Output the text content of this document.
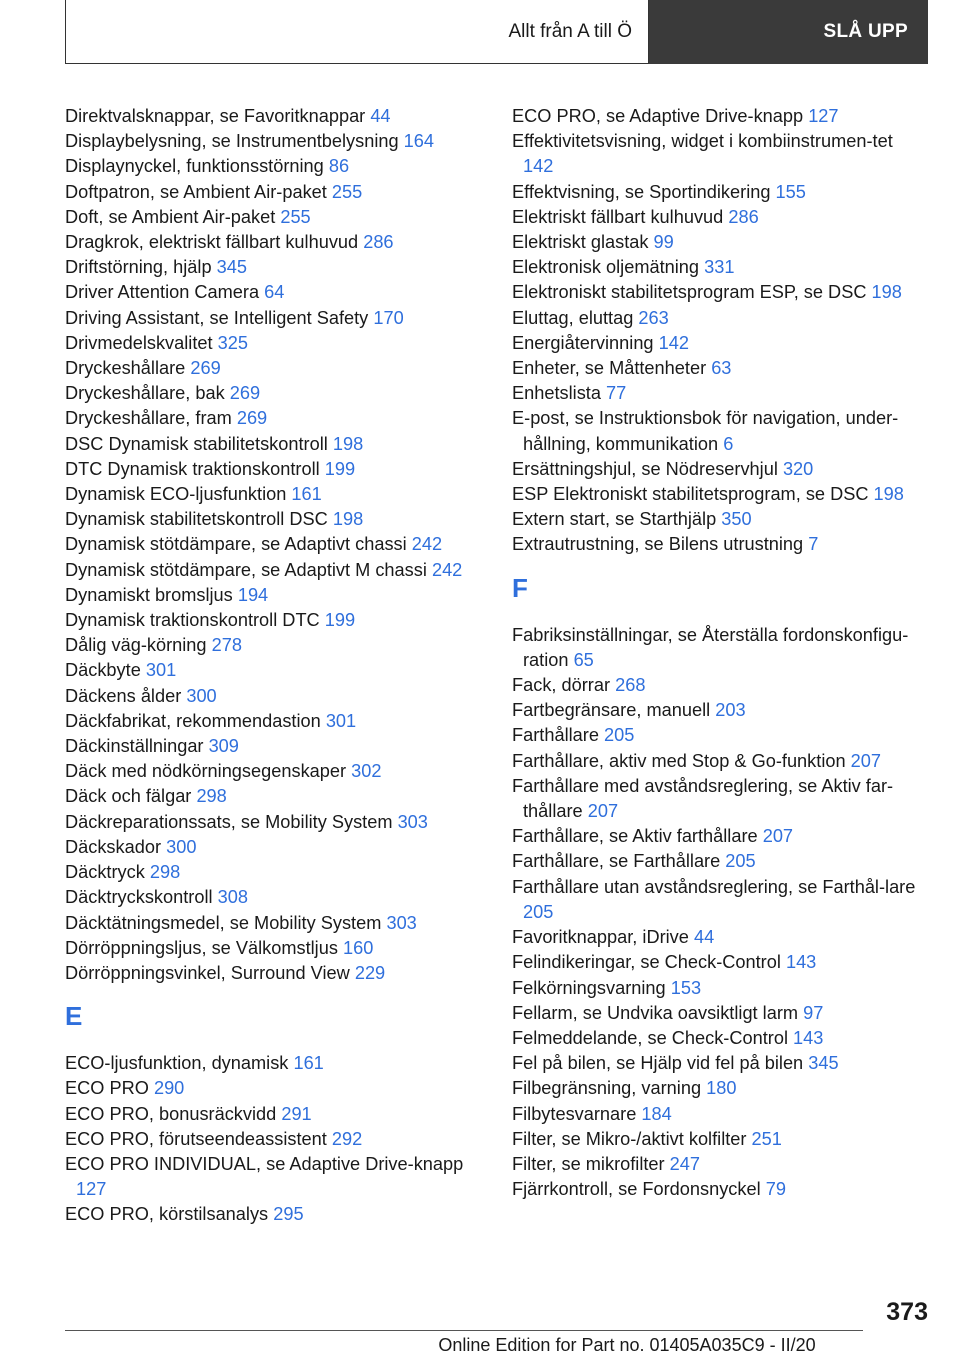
Allt från A till Ö	SLÅ UPP

Direktvalsknappar, se Favoritknappar 44

Displaybelysning, se Instrumentbelysning 164

Displaynyckel, funktionsstörning 86

Doftpatron, se Ambient Air-paket 255

Doft, se Ambient Air-paket 255

Dragkrok, elektriskt fällbart kulhuvud 286

Driftstörning, hjälp 345

Driver Attention Camera 64

Driving Assistant, se Intelligent Safety 170

Drivmedelskvalitet 325

Dryckeshållare 269

Dryckeshållare, bak 269

Dryckeshållare, fram 269

DSC Dynamisk stabilitetskontroll 198

DTC Dynamisk traktionskontroll 199

Dynamisk ECO-ljusfunktion 161

Dynamisk stabilitetskontroll DSC 198

Dynamisk stötdämpare, se Adaptivt chassi 242

Dynamisk stötdämpare, se Adaptivt M chassi 242

Dynamiskt bromsljus 194

Dynamisk traktionskontroll DTC 199

Dålig väg-körning 278

Däckbyte 301

Däckens ålder 300

Däckfabrikat, rekommendastion 301

Däckinställningar 309

Däck med nödkörningsegenskaper 302

Däck och fälgar 298

Däckreparationssats, se Mobility System 303

Däckskador 300

Däcktryck 298

Däcktryckskontroll 308

Däcktätningsmedel, se Mobility System 303

Dörröppningsljus, se Välkomstljus 160

Dörröppningsvinkel, Surround View 229

E

ECO-ljusfunktion, dynamisk 161

ECO PRO 290

ECO PRO, bonusräckvidd 291

ECO PRO, förutseendeassistent 292

ECO PRO INDIVIDUAL, se Adaptive Drive-knapp 127

ECO PRO, körstilsanalys 295

ECO PRO, se Adaptive Drive-knapp 127

Effektivitetsvisning, widget i kombiinstrumen-tet 142

Effektvisning, se Sportindikering 155

Elektriskt fällbart kulhuvud 286

Elektriskt glastak 99

Elektronisk oljemätning 331

Elektroniskt stabilitetsprogram ESP, se DSC 198

Eluttag, eluttag 263

Energiåtervinning 142

Enheter, se Måttenheter 63

Enhetslista 77

E-post, se Instruktionsbok för navigation, under-hållning, kommunikation 6

Ersättningshjul, se Nödreservhjul 320

ESP Elektroniskt stabilitetsprogram, se DSC 198

Extern start, se Starthjälp 350

Extrautrustning, se Bilens utrustning 7

F

Fabriksinställningar, se Återställa fordonskonfigu-ration 65

Fack, dörrar 268

Fartbegränsare, manuell 203

Farthållare 205

Farthållare, aktiv med Stop & Go-funktion 207

Farthållare med avståndsreglering, se Aktiv far-thållare 207

Farthållare, se Aktiv farthållare 207

Farthållare, se Farthållare 205

Farthållare utan avståndsreglering, se Farthål-lare 205

Favoritknappar, iDrive 44

Felindikeringar, se Check-Control 143

Felkörningsvarning 153

Fellarm, se Undvika oavsiktligt larm 97

Felmeddelande, se Check-Control 143

Fel på bilen, se Hjälp vid fel på bilen 345

Filbegränsning, varning 180

Filbytesvarnare 184

Filter, se Mikro-/aktivt kolfilter 251

Filter, se mikrofilter 247

Fjärrkontroll, se Fordonsnyckel 79

373
Online Edition for Part no. 01405A035C9 - II/20
